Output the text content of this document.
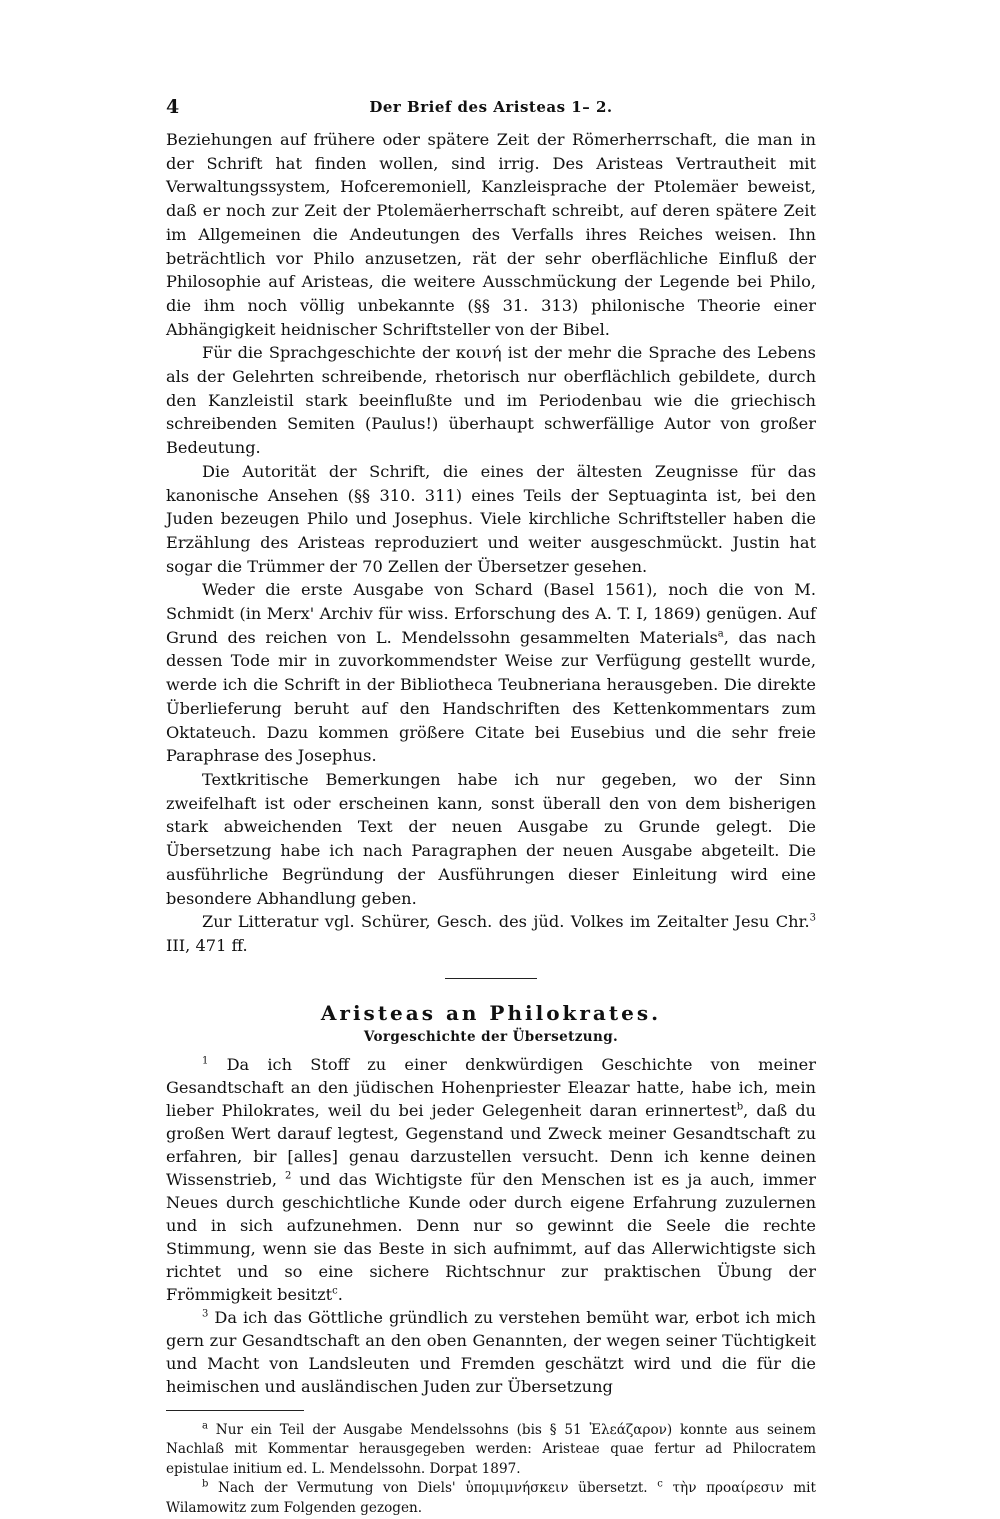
4	Der Brief des Aristeas 1– 2.

Beziehungen auf frühere oder spätere Zeit der Römerherrschaft, die man in der Schrift hat finden wollen, sind irrig. Des Aristeas Vertrautheit mit Verwaltungssystem, Hofceremoniell, Kanzleisprache der Ptolemäer beweist, daß er noch zur Zeit der Ptolemäerherrschaft schreibt, auf deren spätere Zeit im Allgemeinen die Andeutungen des Verfalls ihres Reiches weisen. Ihn beträchtlich vor Philo anzusetzen, rät der sehr oberflächliche Einfluß der Philosophie auf Aristeas, die weitere Ausschmückung der Legende bei Philo, die ihm noch völlig unbekannte (§§ 31. 313) philonische Theorie einer Abhängigkeit heidnischer Schriftsteller von der Bibel.

Für die Sprachgeschichte der κοινή ist der mehr die Sprache des Lebens als der Gelehrten schreibende, rhetorisch nur oberflächlich gebildete, durch den Kanzleistil stark beeinflußte und im Periodenbau wie die griechisch schreibenden Semiten (Paulus!) überhaupt schwerfällige Autor von großer Bedeutung.

Die Autorität der Schrift, die eines der ältesten Zeugnisse für das kanonische Ansehen (§§ 310. 311) eines Teils der Septuaginta ist, bei den Juden bezeugen Philo und Josephus. Viele kirchliche Schriftsteller haben die Erzählung des Aristeas reproduziert und weiter ausgeschmückt. Justin hat sogar die Trümmer der 70 Zellen der Übersetzer gesehen.

Weder die erste Ausgabe von Schard (Basel 1561), noch die von M. Schmidt (in Merx' Archiv für wiss. Erforschung des A. T. I, 1869) genügen. Auf Grund des reichen von L. Mendelssohn gesammelten Materials$^a$, das nach dessen Tode mir in zuvorkommendster Weise zur Verfügung gestellt wurde, werde ich die Schrift in der Bibliotheca Teubneriana herausgeben. Die direkte Überlieferung beruht auf den Handschriften des Kettenkommentars zum Oktateuch. Dazu kommen größere Citate bei Eusebius und die sehr freie Paraphrase des Josephus.

Textkritische Bemerkungen habe ich nur gegeben, wo der Sinn zweifelhaft ist oder erscheinen kann, sonst überall den von dem bisherigen stark abweichenden Text der neuen Ausgabe zu Grunde gelegt. Die Übersetzung habe ich nach Paragraphen der neuen Ausgabe abgeteilt. Die ausführliche Begründung der Ausführungen dieser Einleitung wird eine besondere Abhandlung geben.

Zur Litteratur vgl. Schürer, Gesch. des jüd. Volkes im Zeitalter Jesu Chr.$^3$ III, 471 ff.

Aristeas an Philokrates.
Vorgeschichte der Übersetzung.

$^1$ Da ich Stoff zu einer denkwürdigen Geschichte von meiner Gesandtschaft an den jüdischen Hohenpriester Eleazar hatte, habe ich, mein lieber Philokrates, weil du bei jeder Gelegenheit daran erinnertest$^b$, daß du großen Wert darauf legtest, Gegenstand und Zweck meiner Gesandtschaft zu erfahren, bir [alles] genau darzustellen versucht. Denn ich kenne deinen Wissenstrieb, $^2$ und das Wichtigste für den Menschen ist es ja auch, immer Neues durch geschichtliche Kunde oder durch eigene Erfahrung zuzulernen und in sich aufzunehmen. Denn nur so gewinnt die Seele die rechte Stimmung, wenn sie das Beste in sich aufnimmt, auf das Allerwichtigste sich richtet und so eine sichere Richtschnur zur praktischen Übung der Frömmigkeit besitzt$^c$.

$^3$ Da ich das Göttliche gründlich zu verstehen bemüht war, erbot ich mich gern zur Gesandtschaft an den oben Genannten, der wegen seiner Tüchtigkeit und Macht von Landsleuten und Fremden geschätzt wird und die für die heimischen und ausländischen Juden zur Übersetzung

$^a$ Nur ein Teil der Ausgabe Mendelssohns (bis § 51 Ἐλεάζαρον) konnte aus seinem Nachlaß mit Kommentar herausgegeben werden: Aristeae quae fertur ad Philocratem epistulae initium ed. L. Mendelssohn. Dorpat 1897.

$^b$ Nach der Vermutung von Diels' ὑπομιμνήσκειν übersetzt. $^c$ τὴν προαίρεσιν mit Wilamowitz zum Folgenden gezogen.
